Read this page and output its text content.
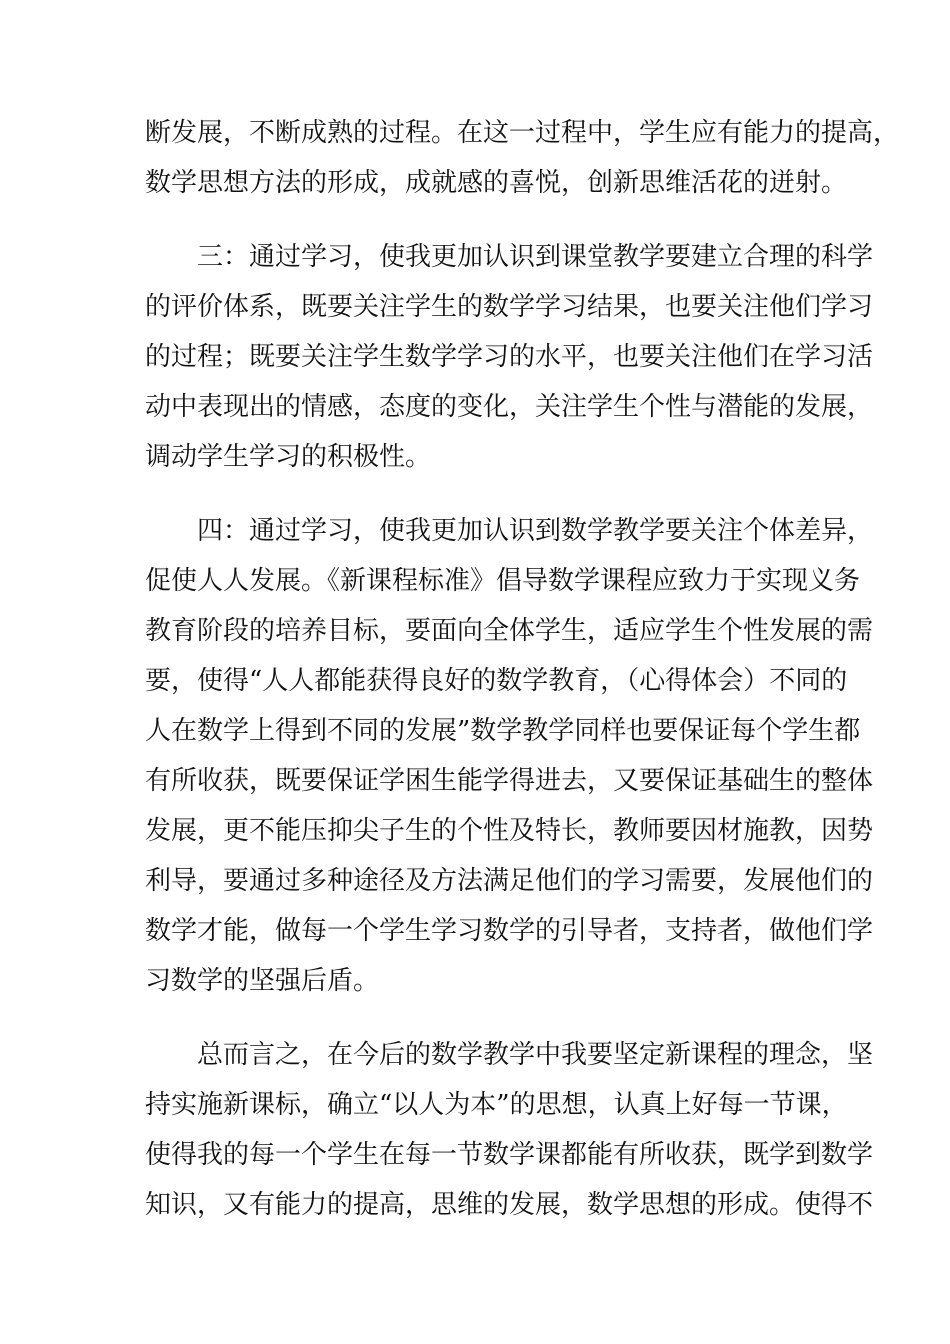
断发展，不断成熟的过程。在这一过程中，学生应有能力的提高，
数学思想方法的形成，成就感的喜悦，创新思维活花的迸射。
三：通过学习，使我更加认识到课堂教学要建立合理的科学
的评价体系，既要关注学生的数学学习结果，也要关注他们学习
的过程；既要关注学生数学学习的水平，也要关注他们在学习活
动中表现出的情感，态度的变化，关注学生个性与潜能的发展，
调动学生学习的积极性。
四：通过学习，使我更加认识到数学教学要关注个体差异，
促使人人发展。《新课程标准》倡导数学课程应致力于实现义务
教育阶段的培养目标，要面向全体学生，适应学生个性发展的需
要，使得“人人都能获得良好的数学教育，（心得体会）不同的
人在数学上得到不同的发展”数学教学同样也要保证每个学生都
有所收获，既要保证学困生能学得进去，又要保证基础生的整体
发展，更不能压抑尖子生的个性及特长，教师要因材施教，因势
利导，要通过多种途径及方法满足他们的学习需要，发展他们的
数学才能，做每一个学生学习数学的引导者，支持者，做他们学
习数学的坚强后盾。
总而言之，在今后的数学教学中我要坚定新课程的理念，坚
持实施新课标，确立“以人为本”的思想，认真上好每一节课，
使得我的每一个学生在每一节数学课都能有所收获，既学到数学
知识，又有能力的提高，思维的发展，数学思想的形成。使得不
